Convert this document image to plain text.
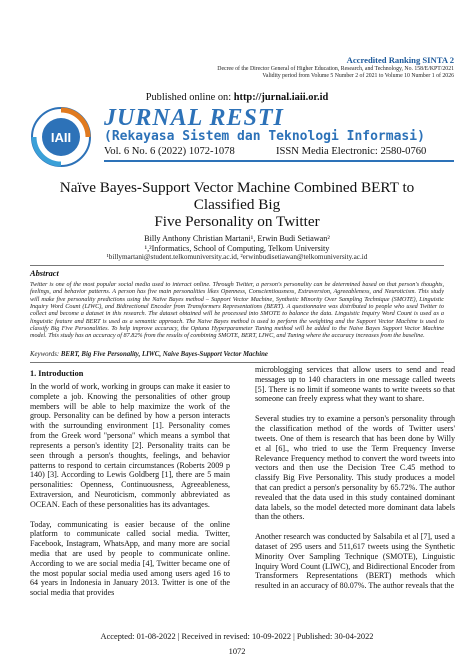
Accredited Ranking SINTA 2
Decree of the Director General of Higher Education, Research, and Technology, No. 158/E/KPT/2021
Validity period from Volume 5 Number 2 of 2021 to Volume 10 Number 1 of 2026
Published online on: http://jurnal.iaii.or.id
IAII
JURNAL RESTI
(Rekayasa Sistem dan Teknologi Informasi)
Vol. 6 No. 6 (2022) 1072-1078	ISSN Media Electronic: 2580-0760
Naïve Bayes-Support Vector Machine Combined BERT to Classified Big
Five Personality on Twitter
Billy Anthony Christian Martani¹, Erwin Budi Setiawan²
¹,²Informatics, School of Computing, Telkom University
¹billymartani@student.telkomuniversity.ac.id, ²erwinbudisetiawan@telkomuniversity.ac.id
Abstract
Twitter is one of the most popular social media used to interact online. Through Twitter, a person's personality can be determined based on that person's thoughts, feelings, and behavior patterns. A person has five main personalities likes Openness, Conscientiousness, Extraversion, Agreeableness, and Neuroticism. This study will make five personality predictions using the Naïve Bayes method – Support Vector Machine, Synthetic Minority Over Sampling Technique (SMOTE), Linguistic Inquiry Word Count (LIWC), and Bidirectional Encoder from Transformers Representations (BERT). A questionnaire was distributed to people who used Twitter to collect and become a dataset in this research. The dataset obtained will be processed into SMOTE to balance the data. Linguistic Inquiry Word Count is used as a linguistic feature and BERT is used as a semantic approach. The Naive Bayes method is used to perform the weighting and the Support Vector Machine is used to classify Big Five Personalities. To help improve accuracy, the Optuna Hyperparameter Tuning method will be added to the Naive Bayes Support Vector Machine model. This study has an accuracy of 87.82% from the results of combining SMOTE, BERT, LIWC, and Tuning where the accuracy increases from the baseline.
Keywords: BERT, Big Five Personality, LIWC, Naive Bayes-Support Vector Machine
1. Introduction

In the world of work, working in groups can make it easier to complete a job. Knowing the personalities of other group members will be able to help maximize the work of the group. Personality can be defined by how a person interacts with the surrounding environment [1]. Personality comes from the Greek word "persona" which means a symbol that represents a person's identity [2]. Personality traits can be seen through a person's thoughts, feelings, and behavior patterns to respond to certain circumstances (Roberts 2009 p 140) [3]. According to Lewis Goldberg [1], there are 5 main personalities: Openness, Continuousness, Agreeableness, Extraversion, and Neuroticism, commonly abbreviated as OCEAN. Each of these personalities has its advantages.

Today, communicating is easier because of the online platform to communicate called social media. Twitter, Facebook, Instagram, WhatsApp, and many more are social media that are used by people to communicate online. According to we are social media [4], Twitter became one of the most popular social media used among users aged 16 to 64 years in Indonesia in January 2013. Twitter is one of the social media that provides

microblogging services that allow users to send and read messages up to 140 characters in one message called tweets [5]. There is no limit if someone wants to write tweets so that someone can freely express what they want to share.

Several studies try to examine a person's personality through the classification method of the words of Twitter users' tweets. One of them is research that has been done by Willy et al [6]., who tried to use the Term Frequency Inverse Relevance Frequency method to convert the word tweets into vectors and then use the Decision Tree C.45 method to classify Big Five Personality. This study produces a model that can predict a person's personality by 65.72%. The author revealed that the data used in this study contained dominant data labels, so the model detected more dominant data labels than the others.

Another research was conducted by Salsabila et al [7], used a dataset of 295 users and 511,617 tweets using the Synthetic Minority Over Sampling Technique (SMOTE), Linguistic Inquiry Word Count (LIWC), and Bidirectional Encoder from Transformers Representations (BERT) methods which resulted in an accuracy of 80.07%. The author reveals that the

Accepted: 01-08-2022 | Received in revised: 10-09-2022 | Published: 30-04-2022
1072
